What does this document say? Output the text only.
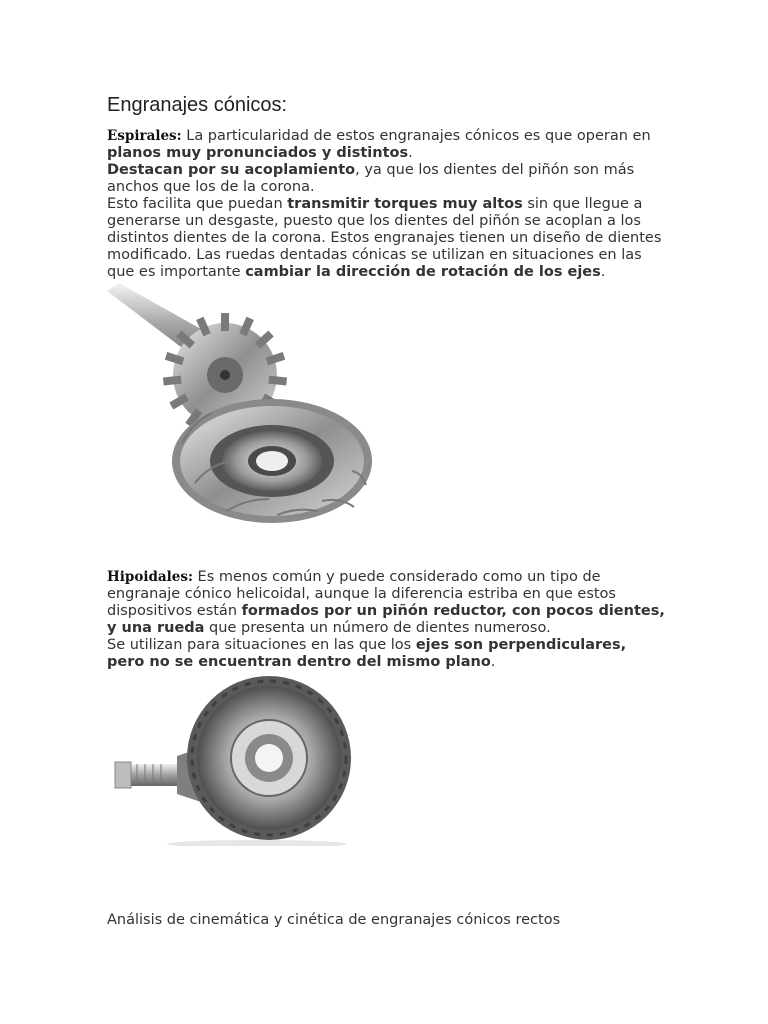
Engranajes cónicos:

Espirales: La particularidad de estos engranajes cónicos es que operan en planos muy pronunciados y distintos.
Destacan por su acoplamiento, ya que los dientes del piñón son más anchos que los de la corona.
Esto facilita que puedan transmitir torques muy altos sin que llegue a generarse un desgaste, puesto que los dientes del piñón se acoplan a los distintos dientes de la corona. Estos engranajes tienen un diseño de dientes modificado. Las ruedas dentadas cónicas se utilizan en situaciones en las que es importante cambiar la dirección de rotación de los ejes.

Hipoidales: Es menos común y puede considerado como un tipo de engranaje cónico helicoidal, aunque la diferencia estriba en que estos dispositivos están formados por un piñón reductor, con pocos dientes, y una rueda que presenta un número de dientes numeroso.
Se utilizan para situaciones en las que los ejes son perpendiculares, pero no se encuentran dentro del mismo plano.

Análisis de cinemática y cinética de engranajes cónicos rectos
